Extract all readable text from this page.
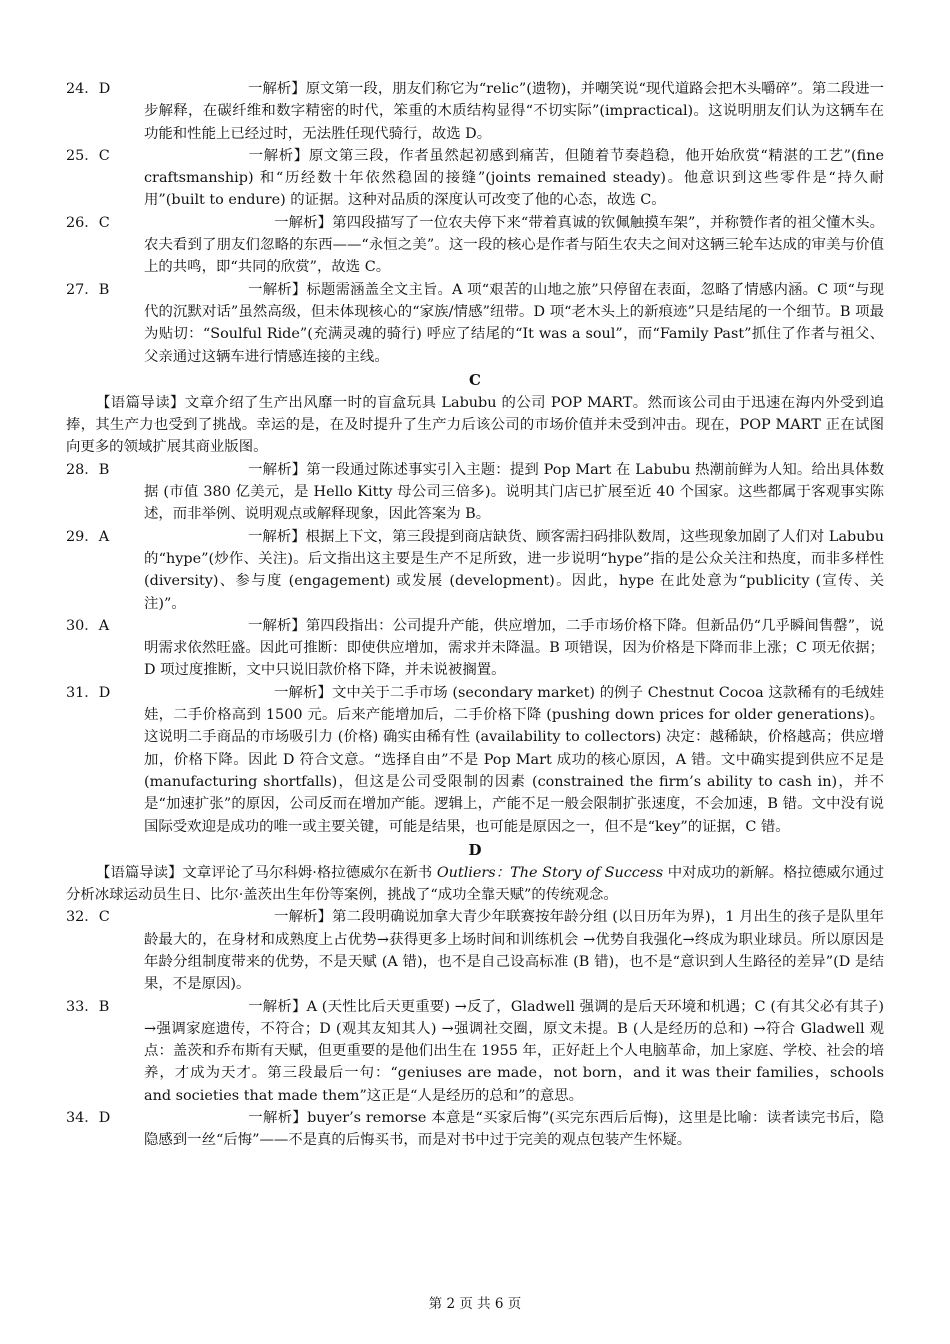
24．D	一解析】原文第一段，朋友们称它为“relic”(遗物)，并嘲笑说“现代道路会把木头嚼碎”。第二段进一步解释，在碳纤维和数字精密的时代，笨重的木质结构显得“不切实际”(impractical)。这说明朋友们认为这辆车在功能和性能上已经过时，无法胜任现代骑行，故选 D。
25．C	一解析】原文第三段，作者虽然起初感到痛苦，但随着节奏趋稳，他开始欣赏“精湛的工艺”(fine craftsmanship) 和“历经数十年依然稳固的接缝”(joints remained steady)。他意识到这些零件是“持久耐用”(built to endure) 的证据。这种对品质的深度认可改变了他的心态，故选 C。
26．C	一解析】第四段描写了一位农夫停下来“带着真诚的钦佩触摸车架”，并称赞作者的祖父懂木头。农夫看到了朋友们忽略的东西——“永恒之美”。这一段的核心是作者与陌生农夫之间对这辆三轮车达成的审美与价值上的共鸣，即“共同的欣赏”，故选 C。
27．B	一解析】标题需涵盖全文主旨。A 项“艰苦的山地之旅”只停留在表面，忽略了情感内涵。C 项“与现代的沉默对话”虽然高级，但未体现核心的“家族/情感”纽带。D 项“老木头上的新痕迹”只是结尾的一个细节。B 项最为贴切：“Soulful Ride”(充满灵魂的骑行) 呼应了结尾的“It was a soul”，而“Family Past”抓住了作者与祖父、父亲通过这辆车进行情感连接的主线。
C

【语篇导读】文章介绍了生产出风靡一时的盲盒玩具 Labubu 的公司 POP MART。然而该公司由于迅速在海内外受到追捧，其生产力也受到了挑战。幸运的是，在及时提升了生产力后该公司的市场价值并未受到冲击。现在，POP MART 正在试图向更多的领域扩展其商业版图。

28．B	一解析】第一段通过陈述事实引入主题：提到 Pop Mart 在 Labubu 热潮前鲜为人知。给出具体数据 (市值 380 亿美元，是 Hello Kitty 母公司三倍多)。说明其门店已扩展至近 40 个国家。这些都属于客观事实陈述，而非举例、说明观点或解释现象，因此答案为 B。
29．A	一解析】根据上下文，第三段提到商店缺货、顾客需扫码排队数周，这些现象加剧了人们对 Labubu 的“hype”(炒作、关注)。后文指出这主要是生产不足所致，进一步说明“hype”指的是公众关注和热度，而非多样性 (diversity)、参与度 (engagement) 或发展 (development)。因此，hype 在此处意为“publicity (宣传、关注)”。
30．A	一解析】第四段指出：公司提升产能，供应增加，二手市场价格下降。但新品仍“几乎瞬间售罄”，说明需求依然旺盛。因此可推断：即使供应增加，需求并未降温。B 项错误，因为价格是下降而非上涨；C 项无依据；D 项过度推断，文中只说旧款价格下降，并未说被搁置。
31．D	一解析】文中关于二手市场 (secondary market) 的例子 Chestnut Cocoa 这款稀有的毛绒娃娃，二手价格高到 1500 元。后来产能增加后，二手价格下降 (pushing down prices for older generations)。这说明二手商品的市场吸引力 (价格) 确实由稀有性 (availability to collectors) 决定：越稀缺，价格越高；供应增加，价格下降。因此 D 符合文意。“选择自由”不是 Pop Mart 成功的核心原因，A 错。文中确实提到供应不足是 (manufacturing shortfalls)，但这是公司受限制的因素 (constrained the firm’s ability to cash in)，并不是“加速扩张”的原因，公司反而在增加产能。逻辑上，产能不足一般会限制扩张速度，不会加速，B 错。文中没有说国际受欢迎是成功的唯一或主要关键，可能是结果，也可能是原因之一，但不是“key”的证据，C 错。
D

【语篇导读】文章评论了马尔科姆·格拉德威尔在新书 Outliers：The Story of Success 中对成功的新解。格拉德威尔通过分析冰球运动员生日、比尔·盖茨出生年份等案例，挑战了“成功全靠天赋”的传统观念。

32．C	一解析】第二段明确说加拿大青少年联赛按年龄分组 (以日历年为界)，1 月出生的孩子是队里年龄最大的，在身材和成熟度上占优势→获得更多上场时间和训练机会 →优势自我强化→终成为职业球员。所以原因是年龄分组制度带来的优势，不是天赋 (A 错)，也不是自己设高标准 (B 错)，也不是“意识到人生路径的差异”(D 是结果，不是原因)。
33．B	一解析】A (天性比后天更重要) →反了，Gladwell 强调的是后天环境和机遇；C (有其父必有其子) →强调家庭遗传，不符合；D (观其友知其人) →强调社交圈，原文未提。B (人是经历的总和) →符合 Gladwell 观点：盖茨和乔布斯有天赋，但更重要的是他们出生在 1955 年，正好赶上个人电脑革命，加上家庭、学校、社会的培养，才成为天才。第三段最后一句：“geniuses are made，not born，and it was their families，schools and societies that made them”这正是“人是经历的总和”的意思。
34．D	一解析】buyer’s remorse 本意是“买家后悔”(买完东西后后悔)，这里是比喻：读者读完书后，隐隐感到一丝“后悔”——不是真的后悔买书，而是对书中过于完美的观点包装产生怀疑。
第 2 页 共 6 页
